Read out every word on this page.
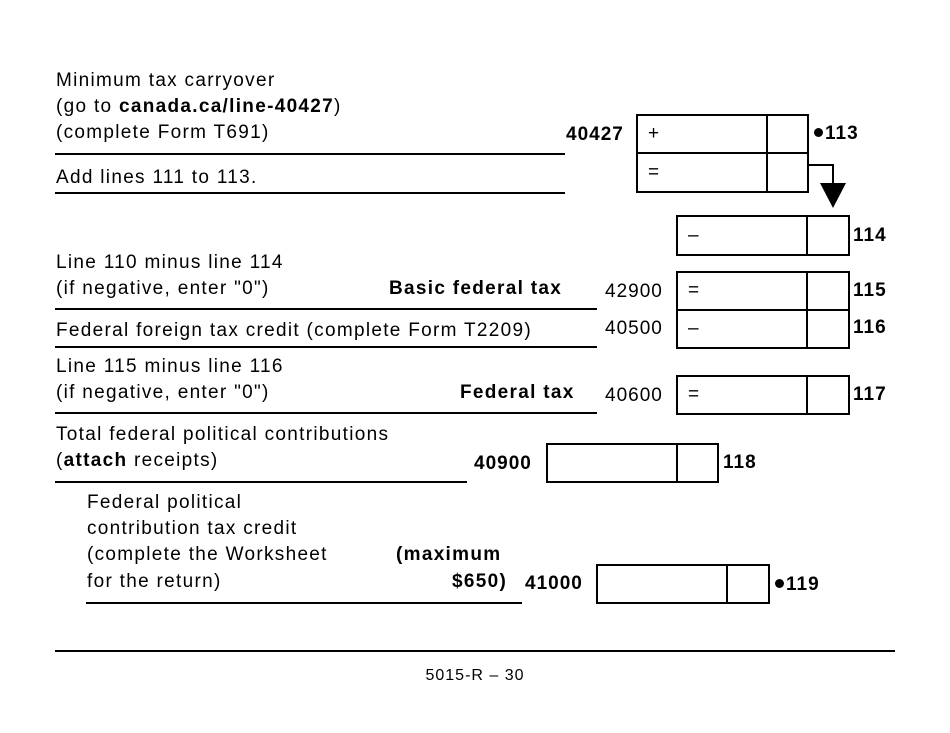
Minimum tax carryover
(go to canada.ca/line-40427)
(complete Form T691)	40427 +	113
Add lines 111 to 113.	=
–	114
Line 110 minus line 114
(if negative, enter "0")	Basic federal tax 42900 =	115
Federal foreign tax credit (complete Form T2209)	40500 –	116
Line 115 minus line 116
(if negative, enter "0")	Federal tax 40600 =	117
Total federal political contributions
(attach receipts)	40900	118
Federal political
contribution tax credit
(complete the Worksheet
for the return)
(maximum
$650) 41000	119
5015-R – 30
